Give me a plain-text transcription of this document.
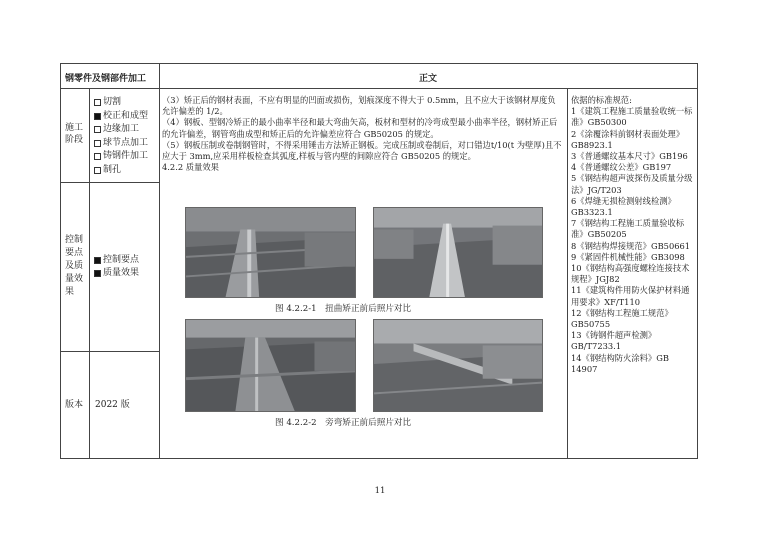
钢零件及钢部件加工	正文
施工
阶段
切割
校正和成型
边缘加工
球节点加工
铸钢件加工
制孔
控制
要点
及质
量效
果
控制要点
质量效果
版本 2022 版

（3）矫正后的钢材表面，不应有明显的凹面或损伤，划痕深度不得大于 0.5mm，且不应大于该钢材厚度负允许偏差的 1/2。

（4）钢板、型钢冷矫正的最小曲率半径和最大弯曲矢高，板材和型材的冷弯成型最小曲率半径，钢材矫正后的允许偏差，钢管弯曲成型和矫正后的允许偏差应符合 GB50205 的规定。

（5）钢板压制或卷制钢管时，不得采用锤击方法矫正钢板。完成压制或卷制后，对口错边t/10(t 为壁厚)且不应大于 3mm,应采用样板检查其弧度,样板与管内壁的间隙应符合 GB50205 的规定。

4.2.2 质量效果

图 4.2.2-1　扭曲矫正前后照片对比
图 4.2.2-2　旁弯矫正前后照片对比
依据的标准规范:
1《建筑工程施工质量验收统一标准》GB50300
2《涂覆涂料前钢材表面处理》GB8923.1
3《普通螺纹基本尺寸》GB196
4《普通螺纹公差》GB197
5《钢结构超声波探伤及质量分级法》JG/T203
6《焊缝无损检测射线检测》GB3323.1
7《钢结构工程施工质量验收标准》GB50205
8《钢结构焊接规范》GB50661
9《紧固件机械性能》GB3098
10《钢结构高强度螺栓连接技术规程》JGJ82
11《建筑构件用防火保护材料通用要求》XF/T110
12《钢结构工程施工规范》GB50755
13《铸钢件超声检测》GB/T7233.1
14《钢结构防火涂料》GB 14907
11
